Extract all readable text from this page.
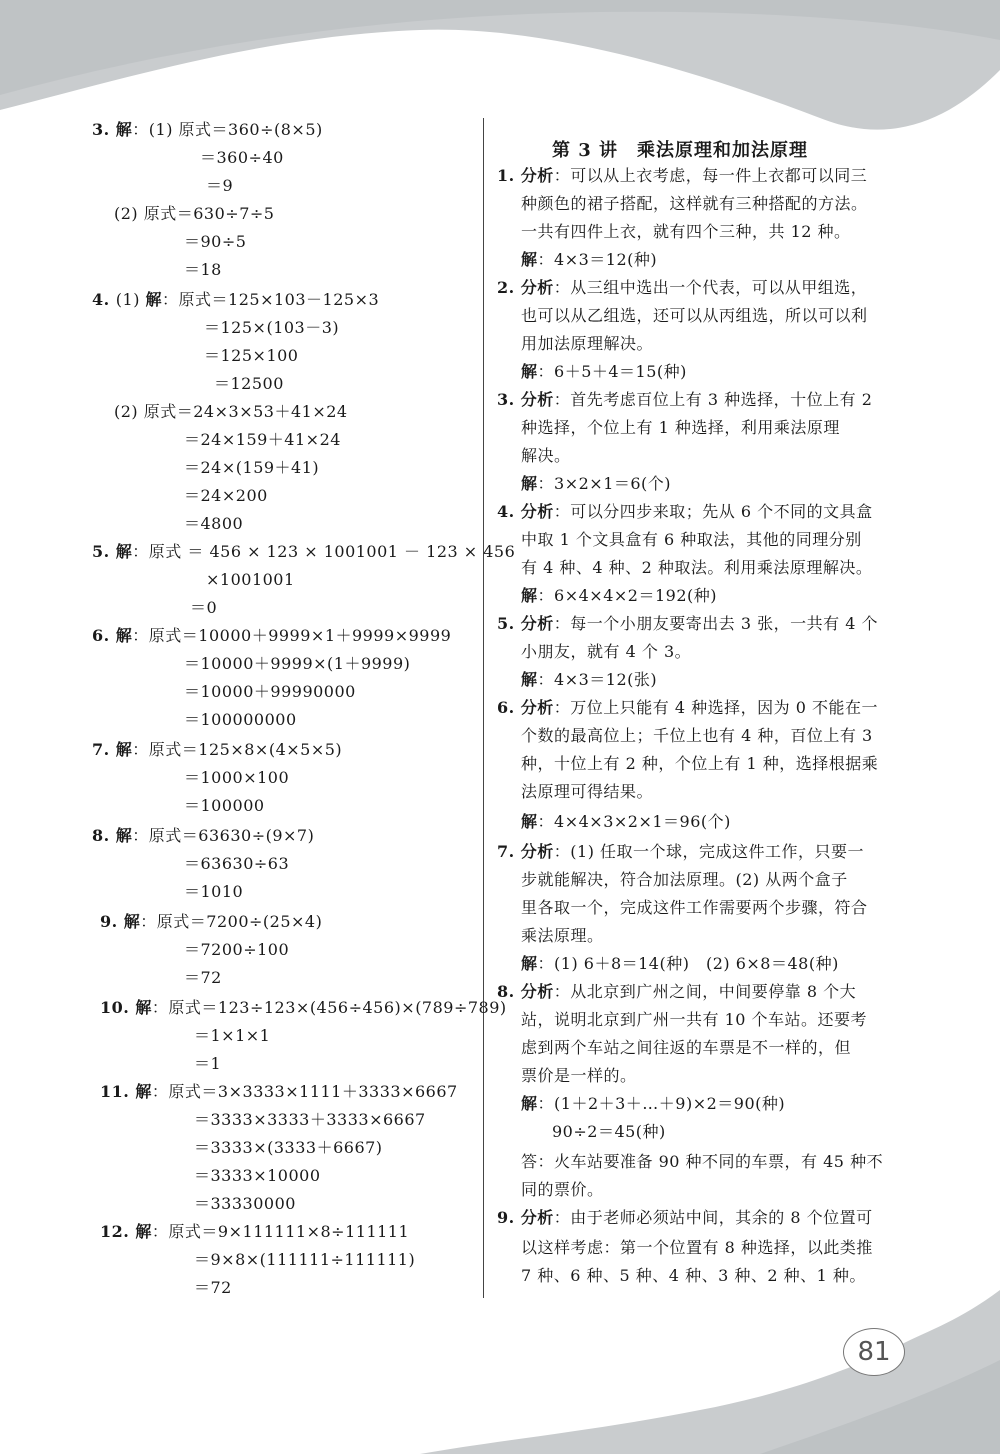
3. 解：(1) 原式＝360÷(8×5)
＝360÷40
＝9
(2) 原式＝630÷7÷5
＝90÷5
＝18
4. (1) 解：原式＝125×103－125×3
＝125×(103－3)
＝125×100
＝12500
(2) 原式＝24×3×53＋41×24
＝24×159＋41×24
＝24×(159＋41)
＝24×200
＝4800
5. 解：原式 ＝ 456 × 123 × 1001001 － 123 × 456
×1001001
＝0
6. 解：原式＝10000＋9999×1＋9999×9999
＝10000＋9999×(1＋9999)
＝10000＋99990000
＝100000000
7. 解：原式＝125×8×(4×5×5)
＝1000×100
＝100000
8. 解：原式＝63630÷(9×7)
＝63630÷63
＝1010
9. 解：原式＝7200÷(25×4)
＝7200÷100
＝72
10. 解：原式＝123÷123×(456÷456)×(789÷789)
＝1×1×1
＝1
11. 解：原式＝3×3333×1111＋3333×6667
＝3333×3333＋3333×6667
＝3333×(3333＋6667)
＝3333×10000
＝33330000
12. 解：原式＝9×111111×8÷111111
＝9×8×(111111÷111111)
＝72
第 3 讲　乘法原理和加法原理
1. 分析：可以从上衣考虑，每一件上衣都可以同三
种颜色的裙子搭配，这样就有三种搭配的方法。
一共有四件上衣，就有四个三种，共 12 种。
解：4×3＝12(种)
2. 分析：从三组中选出一个代表，可以从甲组选，
也可以从乙组选，还可以从丙组选，所以可以利
用加法原理解决。
解：6＋5＋4＝15(种)
3. 分析：首先考虑百位上有 3 种选择，十位上有 2
种选择，个位上有 1 种选择，利用乘法原理
解决。
解：3×2×1＝6(个)
4. 分析：可以分四步来取；先从 6 个不同的文具盒
中取 1 个文具盒有 6 种取法，其他的同理分别
有 4 种、4 种、2 种取法。利用乘法原理解决。
解：6×4×4×2＝192(种)
5. 分析：每一个小朋友要寄出去 3 张，一共有 4 个
小朋友，就有 4 个 3。
解：4×3＝12(张)
6. 分析：万位上只能有 4 种选择，因为 0 不能在一
个数的最高位上；千位上也有 4 种，百位上有 3
种，十位上有 2 种，个位上有 1 种，选择根据乘
法原理可得结果。
解：4×4×3×2×1＝96(个)
7. 分析：(1) 任取一个球，完成这件工作，只要一
步就能解决，符合加法原理。(2) 从两个盒子
里各取一个，完成这件工作需要两个步骤，符合
乘法原理。
解：(1) 6＋8＝14(种)　(2) 6×8＝48(种)
8. 分析：从北京到广州之间，中间要停靠 8 个大
站，说明北京到广州一共有 10 个车站。还要考
虑到两个车站之间往返的车票是不一样的，但
票价是一样的。
解：(1＋2＋3＋…＋9)×2＝90(种)
90÷2＝45(种)
答：火车站要准备 90 种不同的车票，有 45 种不
同的票价。
9. 分析：由于老师必须站中间，其余的 8 个位置可
以这样考虑：第一个位置有 8 种选择，以此类推
7 种、6 种、5 种、4 种、3 种、2 种、1 种。
81
